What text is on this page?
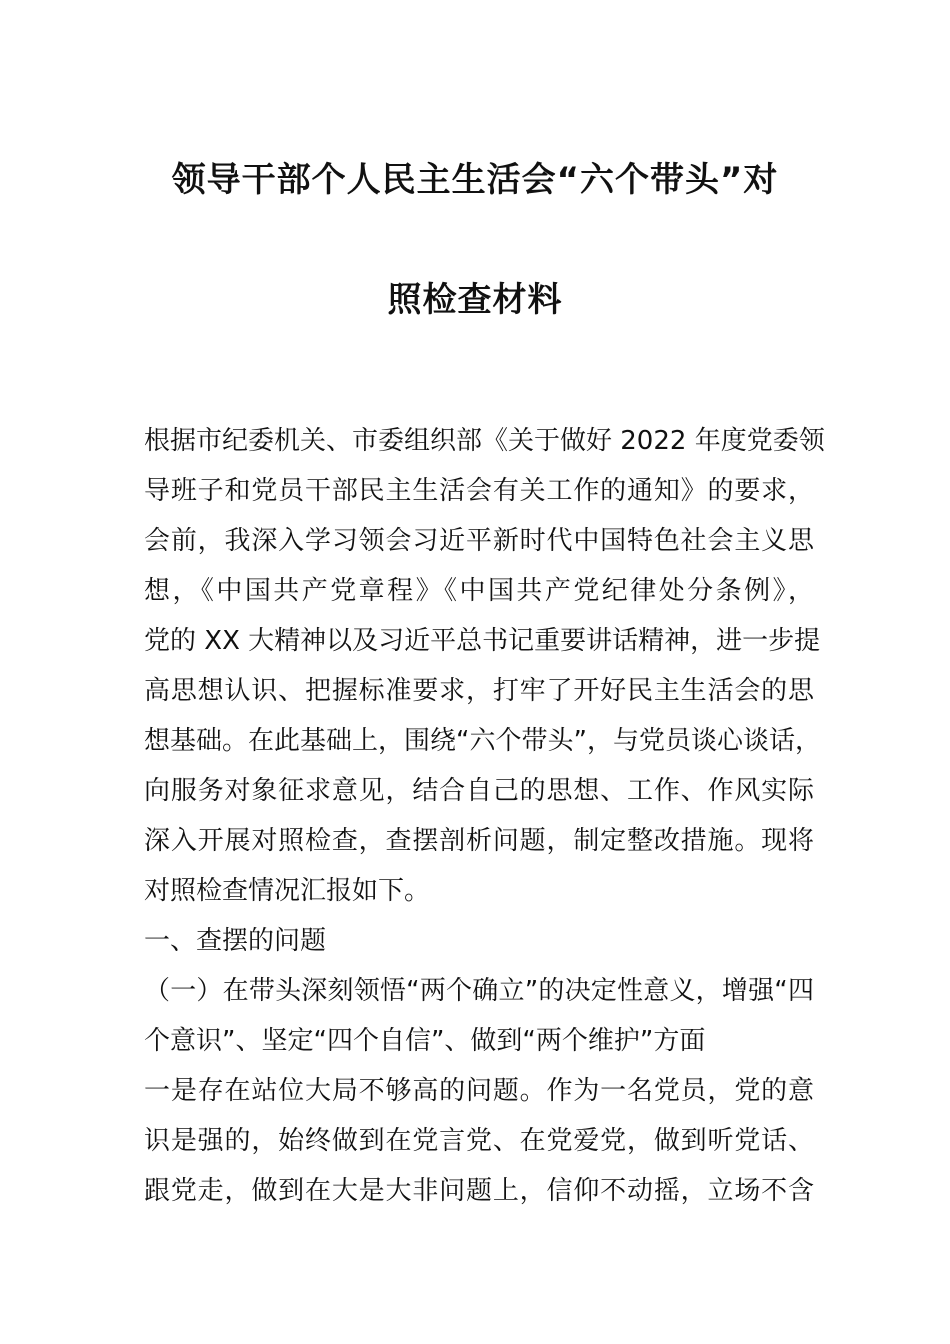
领导干部个人民主生活会“六个带头”对
照检查材料
根据市纪委机关、市委组织部《关于做好 2022 年度党委领
导班子和党员干部民主生活会有关工作的通知》的要求，
会前，我深入学习领会习近平新时代中国特色社会主义思
想，《中国共产党章程》《中国共产党纪律处分条例》，
党的 XX 大精神以及习近平总书记重要讲话精神，进一步提
高思想认识、把握标准要求，打牢了开好民主生活会的思
想基础。在此基础上，围绕“六个带头”，与党员谈心谈话，
向服务对象征求意见，结合自己的思想、工作、作风实际
深入开展对照检查，查摆剖析问题，制定整改措施。现将
对照检查情况汇报如下。
一、查摆的问题
（一）在带头深刻领悟“两个确立”的决定性意义，增强“四
个意识”、坚定“四个自信”、做到“两个维护”方面
一是存在站位大局不够高的问题。作为一名党员，党的意
识是强的，始终做到在党言党、在党爱党，做到听党话、
跟党走，做到在大是大非问题上，信仰不动摇，立场不含
